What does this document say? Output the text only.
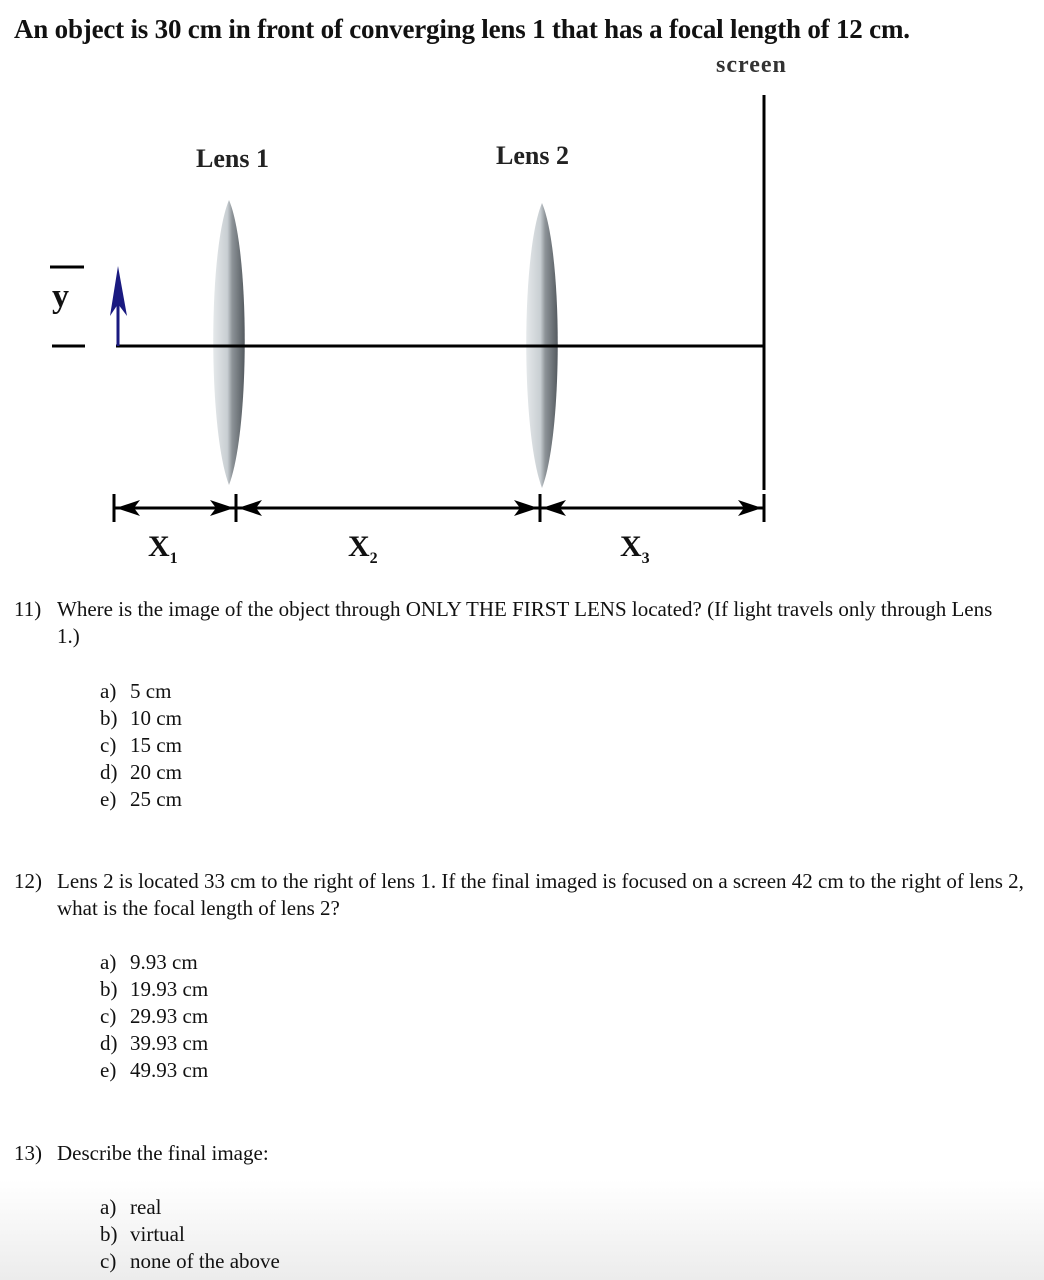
An object is 30 cm in front of converging lens 1 that has a focal length of 12 cm.
screen
Lens 1	Lens 2
y
$X_1$	$X_2$	$X_3$
11) Where is the image of the object through ONLY THE FIRST LENS located? (If light travels only through Lens 1.)
a) 5 cm
b) 10 cm
c) 15 cm
d) 20 cm
e) 25 cm
12) Lens 2 is located 33 cm to the right of lens 1. If the final imaged is focused on a screen 42 cm to the right of lens 2, what is the focal length of lens 2?
a) 9.93 cm
b) 19.93 cm
c) 29.93 cm
d) 39.93 cm
e) 49.93 cm
13) Describe the final image:
a) real
b) virtual
c) none of the above
